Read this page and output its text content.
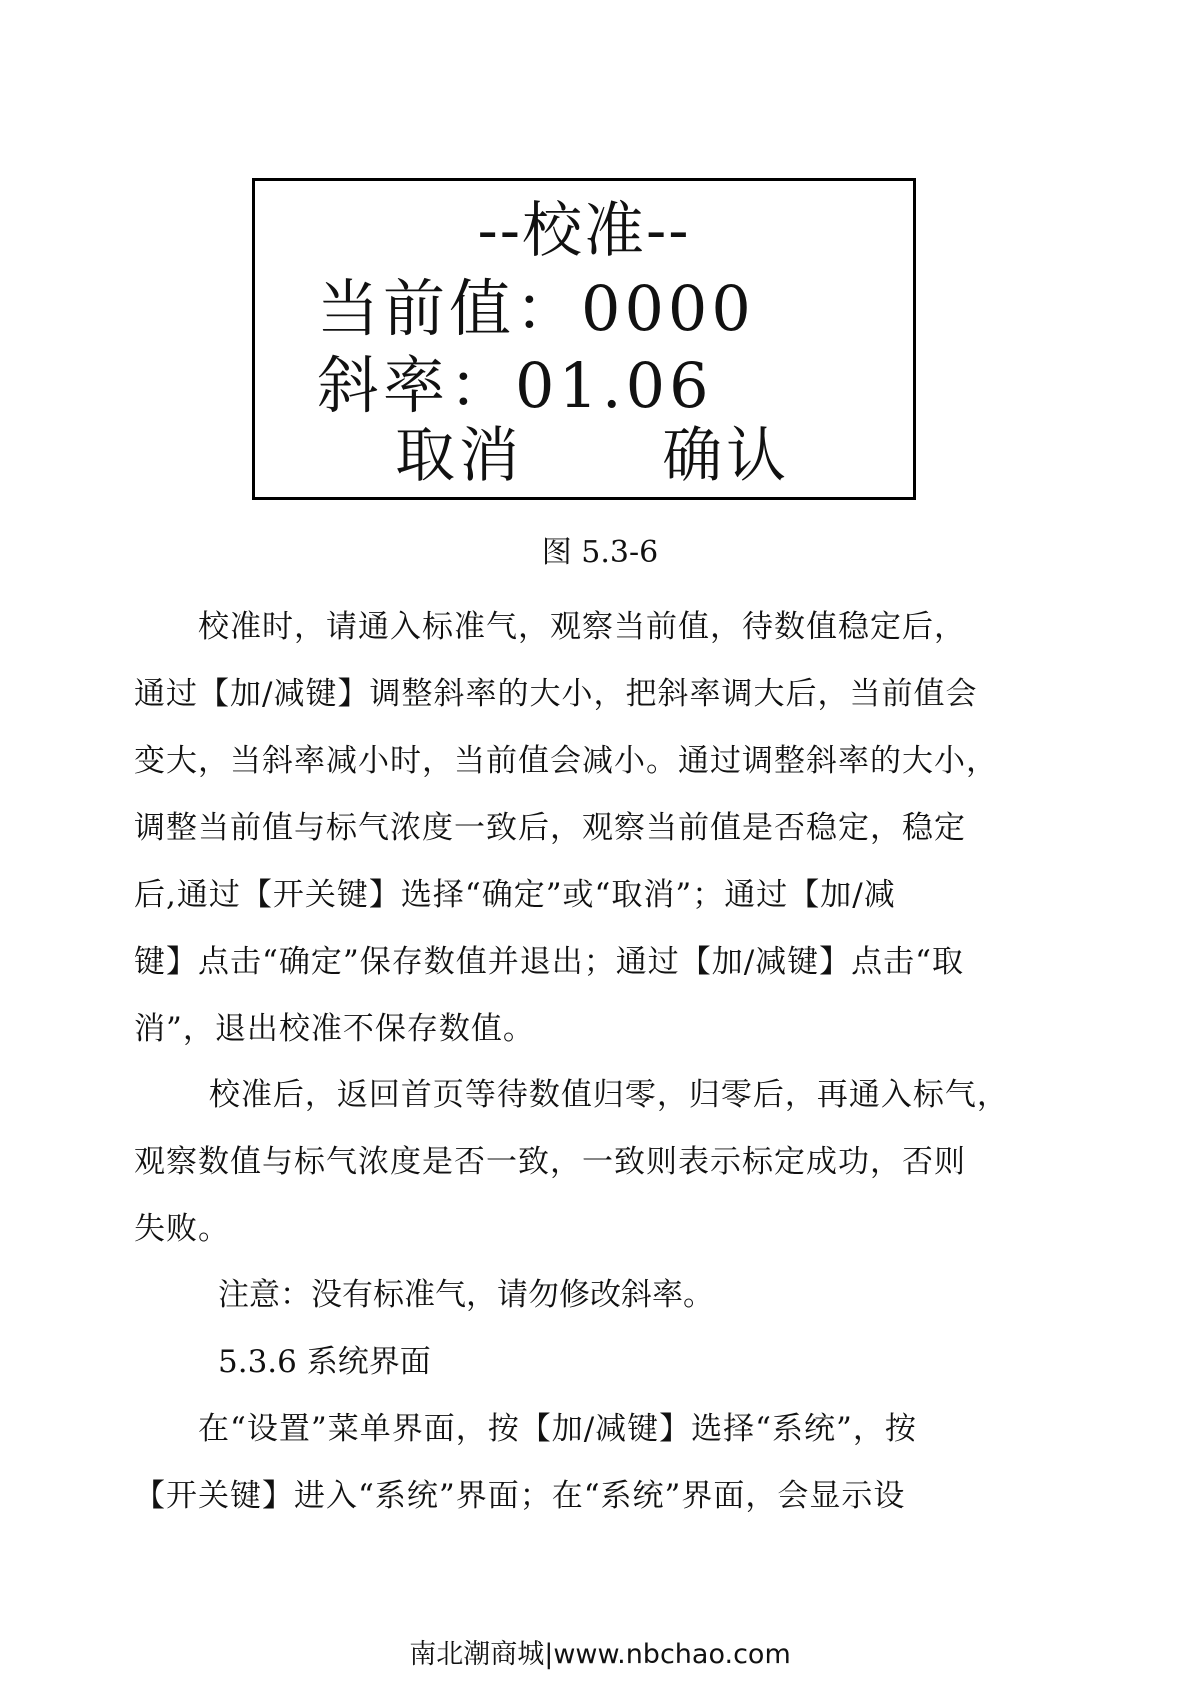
--校准--
当前值：0000
斜率：01.06
取消 确认
图 5.3-6
　　校准时，请通入标准气，观察当前值，待数值稳定后，
通过【加/减键】调整斜率的大小，把斜率调大后，当前值会
变大，当斜率减小时，当前值会减小。通过调整斜率的大小，
调整当前值与标气浓度一致后，观察当前值是否稳定，稳定
后,通过【开关键】选择“确定”或“取消”；通过【加/减
键】点击“确定”保存数值并退出；通过【加/减键】点击“取
消”，退出校准不保存数值。
　　 校准后，返回首页等待数值归零，归零后，再通入标气，
观察数值与标气浓度是否一致，一致则表示标定成功，否则
失败。
注意：没有标准气，请勿修改斜率。
5.3.6 系统界面
　　在“设置”菜单界面，按【加/减键】选择“系统”，按
【开关键】进入“系统”界面；在“系统”界面，会显示设
南北潮商城|www.nbchao.com
